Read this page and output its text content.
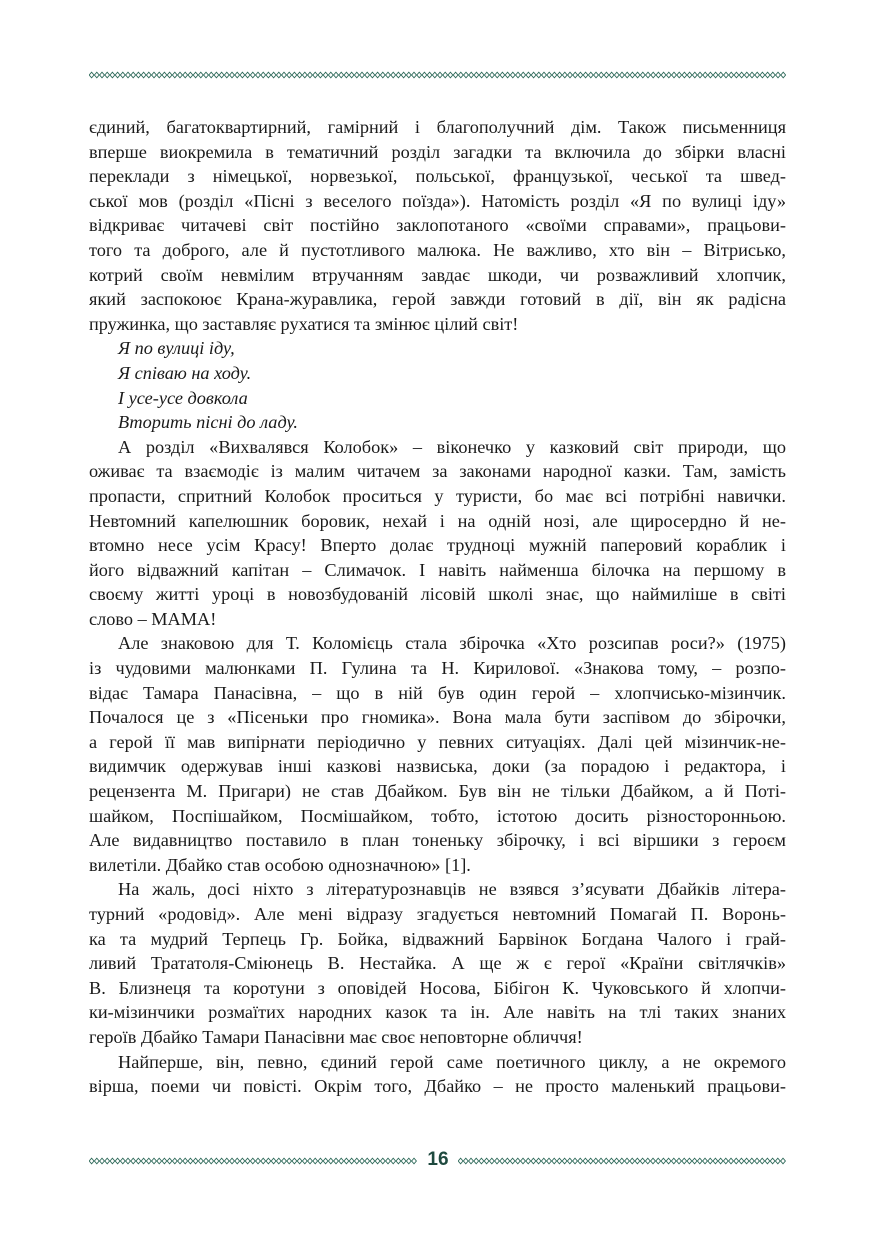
єдиний, багатоквартирний, гамірний і благополучний дім. Також письменниця
вперше виокремила в тематичний розділ загадки та включила до збірки власні
переклади з німецької, норвезької, польської, французької, чеської та швед-
ської мов (розділ «Пісні з веселого поїзда»). Натомість розділ «Я по вулиці іду»
відкриває читачеві світ постійно заклопотаного «своїми справами», працьови-
того та доброго, але й пустотливого малюка. Не важливо, хто він – Вітрисько,
котрий своїм невмілим втручанням завдає шкоди, чи розважливий хлопчик,
який заспокоює Крана-журавлика, герой завжди готовий в дії, він як радісна
пружинка, що заставляє рухатися та змінює цілий світ!
Я по вулиці іду,
Я співаю на ходу.
І усе-усе довкола
Вторить пісні до ладу.
А розділ «Вихвалявся Колобок» – віконечко у казковий світ природи, що
оживає та взаємодіє із малим читачем за законами народної казки. Там, замість
пропасти, спритний Колобок проситься у туристи, бо має всі потрібні навички.
Невтомний капелюшник боровик, нехай і на одній нозі, але щиросердно й не-
втомно несе усім Красу! Вперто долає трудноці мужній паперовий кораблик і
його відважний капітан – Слимачок. І навіть найменша білочка на першому в
своєму житті уроці в новозбудованій лісовій школі знає, що наймиліше в світі
слово – МАМА!
Але знаковою для Т. Коломієць стала збірочка «Хто розсипав роси?» (1975)
із чудовими малюнками П. Гулина та Н. Кирилової. «Знакова тому, – розпо-
відає Тамара Панасівна, – що в ній був один герой – хлопчисько-мізинчик.
Почалося це з «Пісеньки про гномика». Вона мала бути заспівом до збірочки,
а герой її мав випірнати періодично у певних ситуаціях. Далі цей мізинчик-не-
видимчик одержував інші казкові назвиська, доки (за порадою і редактора, і
рецензента М. Пригари) не став Дбайком. Був він не тільки Дбайком, а й Поті-
шайком, Поспішайком, Посмішайком, тобто, істотою досить різносторонньою.
Але видавництво поставило в план тоненьку збірочку, і всі віршики з героєм
вилетіли. Дбайко став особою однозначною» [1].
На жаль, досі ніхто з літературознавців не взявся з’ясувати Дбайків літера-
турний «родовід». Але мені відразу згадується невтомний Помагай П. Воронь-
ка та мудрий Терпець Гр. Бойка, відважний Барвінок Богдана Чалого і грай-
ливий Трататоля-Сміюнець В. Нестайка. А ще ж є герої «Країни світлячків»
В. Близнеця та коротуни з оповідей Носова, Бібігон К. Чуковського й хлопчи-
ки-мізинчики розмаїтих народних казок та ін. Але навіть на тлі таких знаних
героїв Дбайко Тамари Панасівни має своє неповторне обличчя!
Найперше, він, певно, єдиний герой саме поетичного циклу, а не окремого
вірша, поеми чи повісті. Окрім того, Дбайко – не просто маленький працьови-
16
